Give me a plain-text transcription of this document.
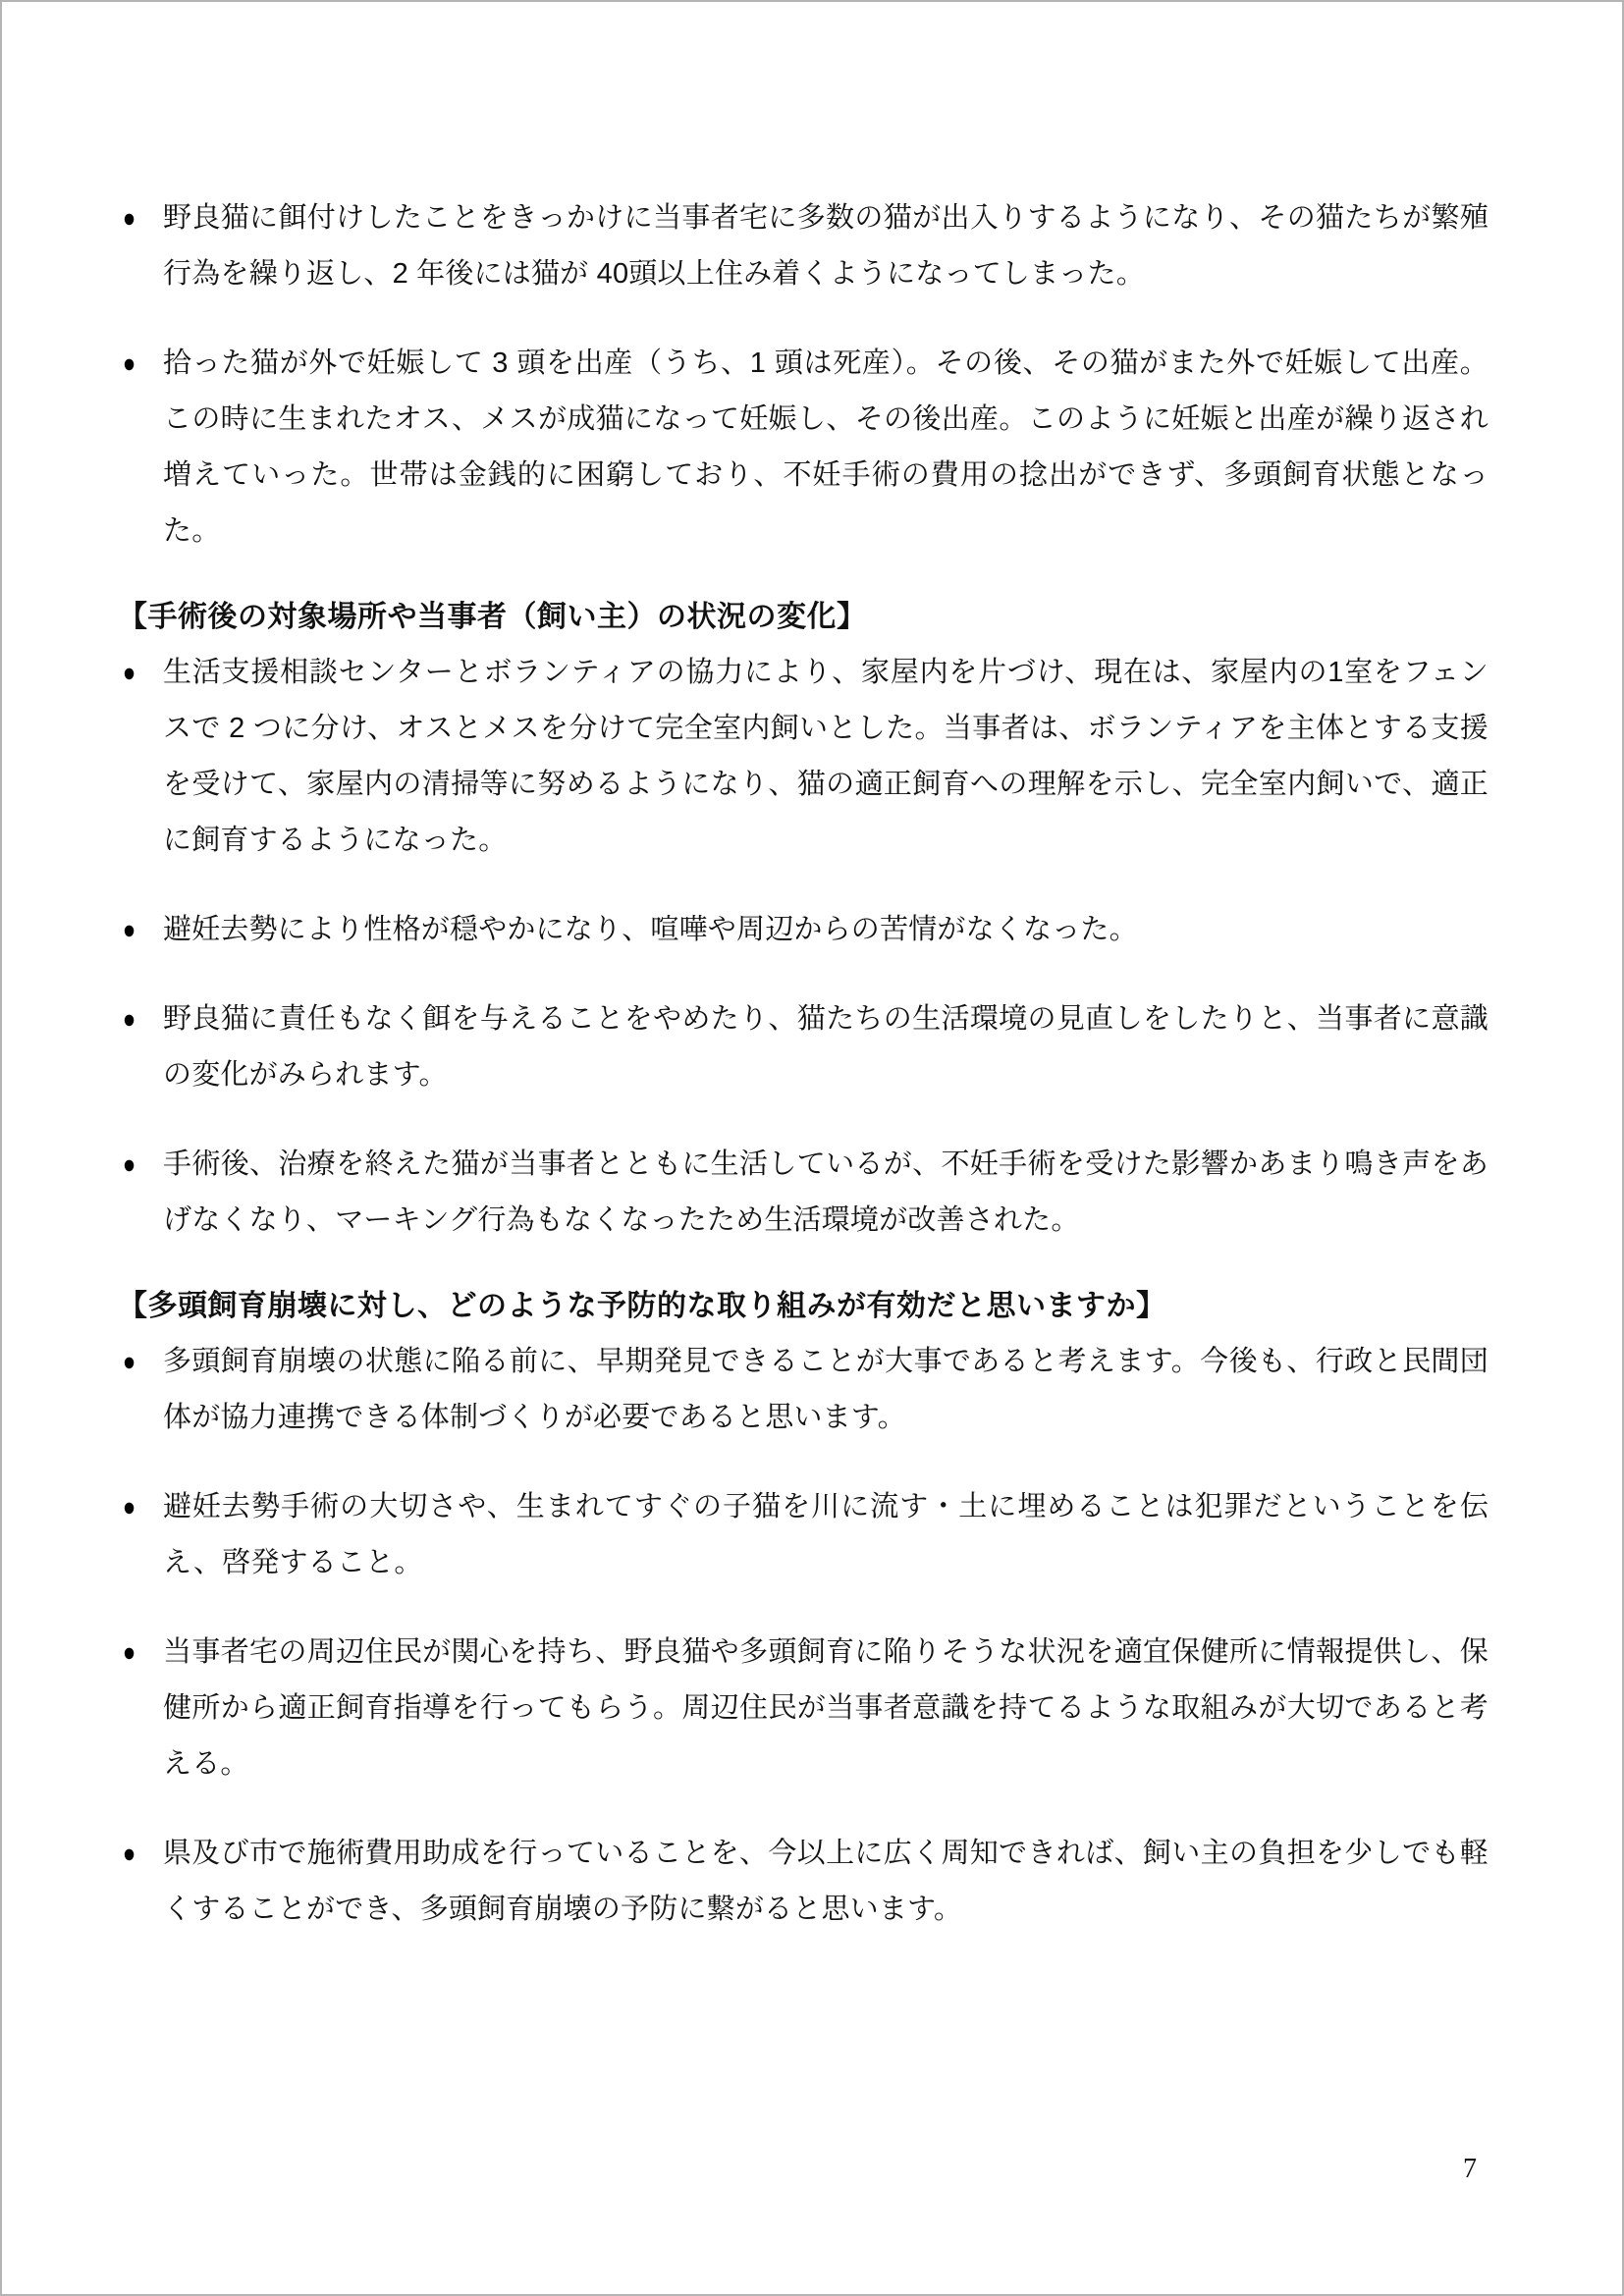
● 野良猫に餌付けしたことをきっかけに当事者宅に多数の猫が出入りするようになり、その猫たちが繁殖行為を繰り返し、2 年後には猫が 40頭以上住み着くようになってしまった。
● 拾った猫が外で妊娠して 3 頭を出産（うち、1 頭は死産）。その後、その猫がまた外で妊娠して出産。この時に生まれたオス、メスが成猫になって妊娠し、その後出産。このように妊娠と出産が繰り返され増えていった。世帯は金銭的に困窮しており、不妊手術の費用の捻出ができず、多頭飼育状態となった。
【手術後の対象場所や当事者（飼い主）の状況の変化】
● 生活支援相談センターとボランティアの協力により、家屋内を片づけ、現在は、家屋内の1室をフェンスで 2 つに分け、オスとメスを分けて完全室内飼いとした。当事者は、ボランティアを主体とする支援を受けて、家屋内の清掃等に努めるようになり、猫の適正飼育への理解を示し、完全室内飼いで、適正に飼育するようになった。
● 避妊去勢により性格が穏やかになり、喧嘩や周辺からの苦情がなくなった。
● 野良猫に責任もなく餌を与えることをやめたり、猫たちの生活環境の見直しをしたりと、当事者に意識の変化がみられます。
● 手術後、治療を終えた猫が当事者とともに生活しているが、不妊手術を受けた影響かあまり鳴き声をあげなくなり、マーキング行為もなくなったため生活環境が改善された。
【多頭飼育崩壊に対し、どのような予防的な取り組みが有効だと思いますか】
● 多頭飼育崩壊の状態に陥る前に、早期発見できることが大事であると考えます。今後も、行政と民間団体が協力連携できる体制づくりが必要であると思います。
● 避妊去勢手術の大切さや、生まれてすぐの子猫を川に流す・土に埋めることは犯罪だということを伝え、啓発すること。
● 当事者宅の周辺住民が関心を持ち、野良猫や多頭飼育に陥りそうな状況を適宜保健所に情報提供し、保健所から適正飼育指導を行ってもらう。周辺住民が当事者意識を持てるような取組みが大切であると考える。
● 県及び市で施術費用助成を行っていることを、今以上に広く周知できれば、飼い主の負担を少しでも軽くすることができ、多頭飼育崩壊の予防に繋がると思います。
7
